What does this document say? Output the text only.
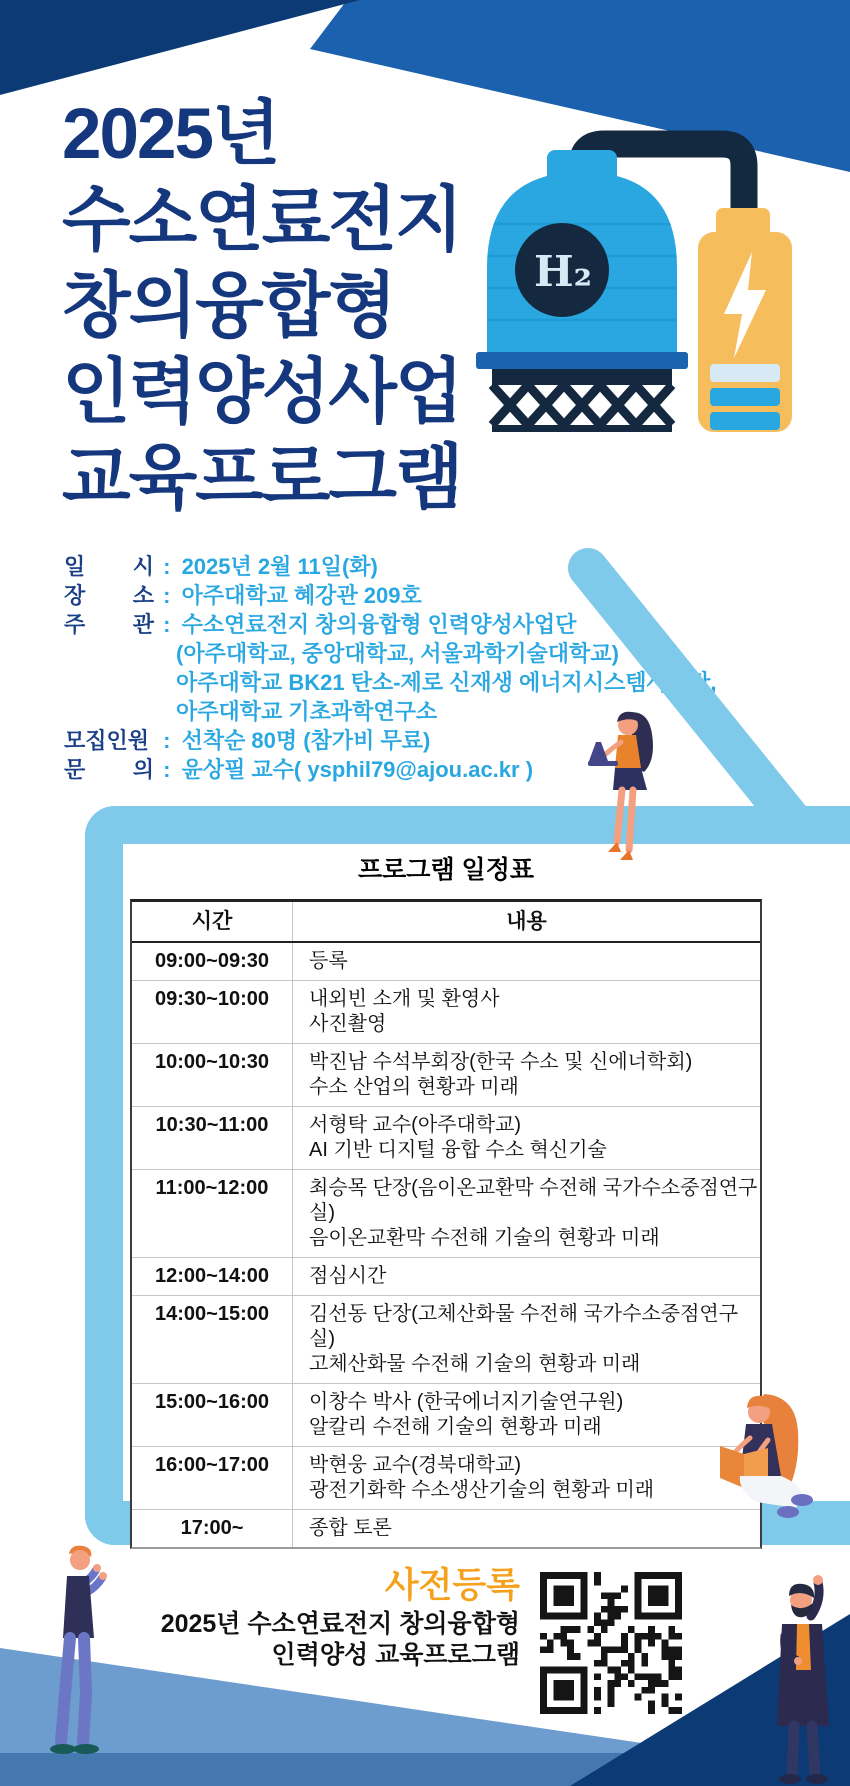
2025년
수소연료전지
창의융합형
인력양성사업
교육프로그램
H₂
일 시 : 2025년 2월 11일(화)
장 소 : 아주대학교 혜강관 209호
주 관 : 수소연료전지 창의융합형 인력양성사업단
(아주대학교, 중앙대학교, 서울과학기술대학교)
아주대학교 BK21 탄소-제로 신재생 에너지시스템사업단,
아주대학교 기초과학연구소
모집인원 : 선착순 80명 (참가비 무료)
문 의 : 윤상필 교수( ysphil79@ajou.ac.kr )
프로그램 일정표
시간	내용
09:00~09:30	등록
09:30~10:00	내외빈 소개 및 환영사
사진촬영
10:00~10:30	박진남 수석부회장(한국 수소 및 신에너학회)
수소 산업의 현황과 미래
10:30~11:00	서형탁 교수(아주대학교)
AI 기반 디지털 융합 수소 혁신기술
11:00~12:00	최승목 단장(음이온교환막 수전해 국가수소중점연구실)
음이온교환막 수전해 기술의 현황과 미래
12:00~14:00	점심시간
14:00~15:00	김선동 단장(고체산화물 수전해 국가수소중점연구실)
고체산화물 수전해 기술의 현황과 미래
15:00~16:00	이창수 박사 (한국에너지기술연구원)
알칼리 수전해 기술의 현황과 미래
16:00~17:00	박현웅 교수(경북대학교)
광전기화학 수소생산기술의 현황과 미래
17:00~	종합 토론
사전등록
2025년 수소연료전지 창의융합형
인력양성 교육프로그램
